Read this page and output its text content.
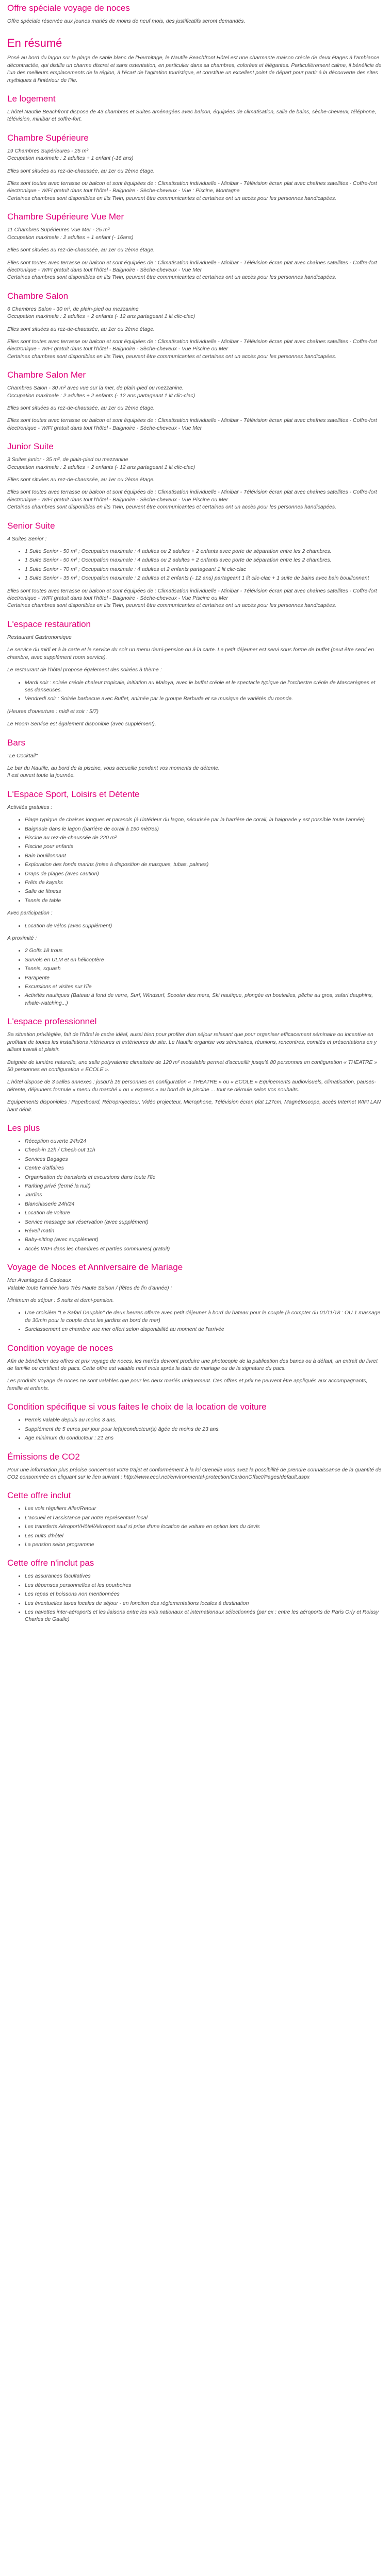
Offre spéciale voyage de noces

Offre spéciale réservée aux jeunes mariés de moins de neuf mois, des justificatifs seront demandés.

En résumé

Posé au bord du lagon sur la plage de sable blanc de l'Hermitage, le Nautile Beachfront Hôtel est une charmante maison créole de deux étages à l'ambiance décontractée, qui distille un charme discret et sans ostentation, en particulier dans sa chambres, colorées et élégantes. Particulièrement calme, il bénéficie de l'un des meilleurs emplacements de la région, à l'écart de l'agitation touristique, et constitue un excellent point de départ pour partir à la découverte des sites mythiques à l'intérieur de l'île.

Le logement

L'hôtel Nautile Beachfront dispose de 43 chambres et Suites aménagées avec balcon, équipées de climatisation, salle de bains, sèche-cheveux, téléphone, télévision, minibar et coffre-fort.

Chambre Supérieure

19 Chambres Supérieures - 25 m²
Occupation maximale : 2 adultes + 1 enfant (-16 ans)

Elles sont situées au rez-de-chaussée, au 1er ou 2ème étage.

Elles sont toutes avec terrasse ou balcon et sont équipées de : Climatisation individuelle - Minibar - Télévision écran plat avec chaînes satellites - Coffre-fort électronique - WIFI gratuit dans tout l'hôtel - Baignoire - Sèche-cheveux - Vue : Piscine, Montagne

Certaines chambres sont disponibles en lits Twin, peuvent être communicantes et certaines ont un accès pour les personnes handicapées.

Chambre Supérieure Vue Mer

11 Chambres Supérieures Vue Mer - 25 m²
Occupation maximale : 2 adultes + 1 enfant (- 16ans)

Elles sont situées au rez-de-chaussée, au 1er ou 2ème étage.

Elles sont toutes avec terrasse ou balcon et sont équipées de : Climatisation individuelle - Minibar - Télévision écran plat avec chaînes satellites - Coffre-fort électronique - WIFI gratuit dans tout l'hôtel - Baignoire - Sèche-cheveux - Vue Mer

Certaines chambres sont disponibles en lits Twin, peuvent être communicantes et certaines ont un accès pour les personnes handicapées.

Chambre Salon

6 Chambres Salon - 30 m², de plain-pied ou mezzanine
Occupation maximale : 2 adultes + 2 enfants (- 12 ans partageant 1 lit clic-clac)

Elles sont situées au rez-de-chaussée, au 1er ou 2ème étage.

Elles sont toutes avec terrasse ou balcon et sont équipées de : Climatisation individuelle - Minibar - Télévision écran plat avec chaînes satellites - Coffre-fort électronique - WIFI gratuit dans tout l'hôtel - Baignoire - Sèche-cheveux - Vue Piscine ou Mer

Certaines chambres sont disponibles en lits Twin, peuvent être communicantes et certaines ont un accès pour les personnes handicapées.

Chambre Salon Mer

Chambres Salon - 30 m² avec vue sur la mer, de plain-pied ou mezzanine.
Occupation maximale : 2 adultes + 2 enfants (- 12 ans partageant 1 lit clic-clac)

Elles sont situées au rez-de-chaussée, au 1er ou 2ème étage.

Elles sont toutes avec terrasse ou balcon et sont équipées de : Climatisation individuelle - Minibar - Télévision écran plat avec chaînes satellites - Coffre-fort électronique - WIFI gratuit dans tout l'hôtel - Baignoire - Sèche-cheveux - Vue Mer

Junior Suite

3 Suites junior - 35 m², de plain-pied ou mezzanine
Occupation maximale : 2 adultes + 2 enfants (- 12 ans partageant 1 lit clic-clac)

Elles sont situées au rez-de-chaussée, au 1er ou 2ème étage.

Elles sont toutes avec terrasse ou balcon et sont équipées de : Climatisation individuelle - Minibar - Télévision écran plat avec chaînes satellites - Coffre-fort électronique - WIFI gratuit dans tout l'hôtel - Baignoire - Sèche-cheveux - Vue Piscine ou Mer

Certaines chambres sont disponibles en lits Twin, peuvent être communicantes et certaines ont un accès pour les personnes handicapées.

Senior Suite

4 Suites Senior :

• 1 Suite Senior - 50 m² ; Occupation maximale : 4 adultes ou 2 adultes + 2 enfants avec porte de séparation entre les 2 chambres.
• 1 Suite Senior - 50 m² ; Occupation maximale : 4 adultes ou 2 adultes + 2 enfants avec porte de séparation entre les 2 chambres.
• 1 Suite Senior - 70 m² ; Occupation maximale : 4 adultes et 2 enfants partageant 1 lit clic-clac
• 1 Suite Senior - 35 m² ; Occupation maximale : 2 adultes et 2 enfants (- 12 ans) partageant 1 lit clic-clac + 1 suite de bains avec bain bouillonnant

Elles sont toutes avec terrasse ou balcon et sont équipées de : Climatisation individuelle - Minibar - Télévision écran plat avec chaînes satellites - Coffre-fort électronique - WIFI gratuit dans tout l'hôtel - Baignoire - Sèche-cheveux - Vue Piscine ou Mer

Certaines chambres sont disponibles en lits Twin, peuvent être communicantes et certaines ont un accès pour les personnes handicapées.

L'espace restauration

Restaurant Gastronomique

Le service du midi et à la carte et le service du soir un menu demi-pension ou à la carte. Le petit déjeuner est servi sous forme de buffet (peut être servi en chambre, avec supplément room service).

Le restaurant de l'hôtel propose également des soirées à thème :

• Mardi soir : soirée créole chaleur tropicale, initiation au Maloya, avec le buffet créole et le spectacle typique de l'orchestre créole de Mascarègnes et ses danseuses.
• Vendredi soir : Soirée barbecue avec Buffet, animée par le groupe Barbuda et sa musique de variétés du monde.

(Heures d'ouverture : midi et soir : 5/7)

Le Room Service est également disponible (avec supplément).

Bars

"Le Cocktail"

Le bar du Nautile, au bord de la piscine, vous accueille pendant vos moments de détente.

Il est ouvert toute la journée.

L'Espace Sport, Loisirs et Détente

Activités gratuites :

• Plage typique de chaises longues et parasols (à l'intérieur du lagon, sécurisée par la barrière de corail, la baignade y est possible toute l'année)
• Baignade dans le lagon (barrière de corail à 150 mètres)
• Piscine au rez-de-chaussée de 220 m²
• Piscine pour enfants
• Bain bouillonnant
• Exploration des fonds marins (mise à disposition de masques, tubas, palmes)
• Draps de plages (avec caution)
• Prêts de kayaks
• Salle de fitness
• Tennis de table

Avec participation :

• Location de vélos (avec supplément)

A proximité :

• 2 Golfs 18 trous
• Survols en ULM et en hélicoptère
• Tennis, squash
• Parapente
• Excursions et visites sur l'île
• Activités nautiques (Bateau à fond de verre, Surf, Windsurf, Scooter des mers, Ski nautique, plongée en bouteilles, pêche au gros, safari dauphins, whale-watching...)
L'espace professionnel

Sa situation privilégiée, fait de l'hôtel le cadre idéal, aussi bien pour profiter d'un séjour relaxant que pour organiser efficacement séminaire ou incentive en profitant de toutes les installations intérieures et extérieures du site. Le Nautile organise vos séminaires, réunions, rencontres, comités et présentations en y alliant travail et plaisir.

Baignée de lumière naturelle, une salle polyvalente climatisée de 120 m² modulable permet d'accueillir jusqu'à 80 personnes en configuration « THEATRE » 50 personnes en configuration « ECOLE ».

L'hôtel dispose de 3 salles annexes : jusqu'à 16 personnes en configuration « THEATRE » ou « ECOLE » Equipements audiovisuels, climatisation, pauses-détente, déjeuners formule « menu du marché » ou « express » au bord de la piscine ... tout se déroule selon vos souhaits.

Equipements disponibles : Paperboard, Rétroprojecteur, Vidéo projecteur, Microphone, Télévision écran plat 127cm, Magnétoscope, accès Internet WIFI LAN haut débit.

Les plus
• Réception ouverte 24h/24
• Check-in 12h / Check-out 11h
• Services Bagages
• Centre d'affaires
• Organisation de transferts et excursions dans toute l'île
• Parking privé (fermé la nuit)
• Jardins
• Blanchisserie 24h/24
• Location de voiture
• Service massage sur réservation (avec supplément)
• Réveil matin
• Baby-sitting (avec supplément)
• Accès WIFI dans les chambres et parties communes( gratuit)
Voyage de Noces et Anniversaire de Mariage

Mer Avantages & Cadeaux
Valable toute l'année hors Très Haute Saison / (fêtes de fin d'année) :

Minimum de séjour : 5 nuits et demi-pension.

• Une croisière "Le Safari Dauphin" de deux heures offerte avec petit déjeuner à bord du bateau pour le couple (à compter du 01/11/18 : OU 1 massage de 30min pour le couple dans les jardins en bord de mer)
• Surclassement en chambre vue mer offert selon disponibilité au moment de l'arrivée
Condition voyage de noces

Afin de bénéficier des offres et prix voyage de noces, les mariés devront produire une photocopie de la publication des bancs ou à défaut, un extrait du livret de famille ou certificat de pacs. Cette offre est valable neuf mois après la date de mariage ou de la signature du pacs.

Les produits voyage de noces ne sont valables que pour les deux mariés uniquement. Ces offres et prix ne peuvent être appliqués aux accompagnants, famille et enfants.

Condition spécifique si vous faites le choix de la location de voiture
• Permis valable depuis au moins 3 ans.
• Supplément de 5 euros par jour pour le(s)conducteur(s) âgée de moins de 23 ans.
• Age minimum du conducteur : 21 ans
Émissions de CO2

Pour une information plus précise concernant votre trajet et conformément à la loi Grenelle vous avez la possibilité de prendre connaissance de la quantité de CO2 consommée en cliquant sur le lien suivant : http://www.ecoi.net/environmental-protection/CarbonOffset/Pages/default.aspx

Cette offre inclut
• Les vols réguliers Aller/Retour
• L'accueil et l'assistance par notre représentant local
• Les transferts Aéroport/Hôtel/Aéroport sauf si prise d'une location de voiture en option lors du devis
• Les nuits d'hôtel
• La pension selon programme
Cette offre n'inclut pas
• Les assurances facultatives
• Les dépenses personnelles et les pourboires
• Les repas et boissons non mentionnées
• Les éventuelles taxes locales de séjour - en fonction des réglementations locales à destination
• Les navettes inter-aéroports et les liaisons entre les vols nationaux et internationaux sélectionnés (par ex : entre les aéroports de Paris Orly et Roissy Charles de Gaulle)
